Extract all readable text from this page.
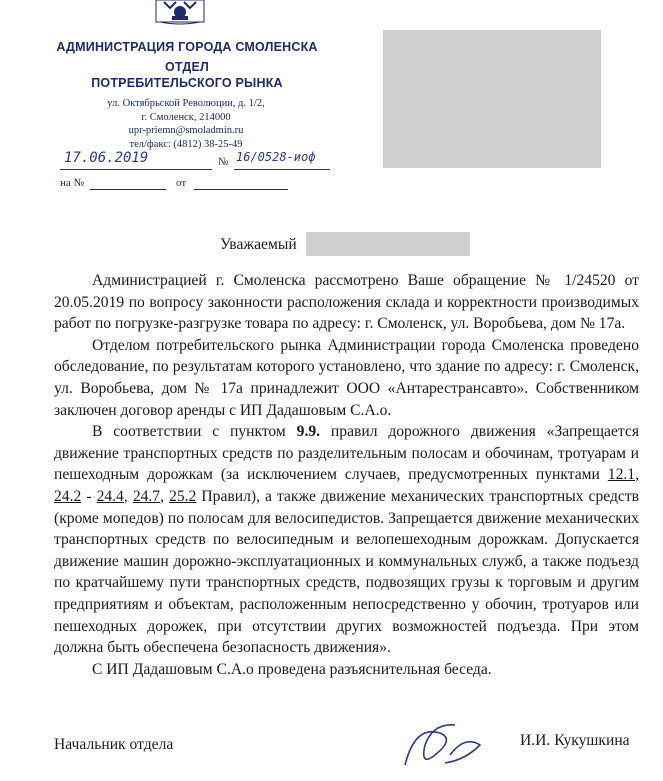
АДМИНИСТРАЦИЯ ГОРОДА СМОЛЕНСКА
ОТДЕЛ
ПОТРЕБИТЕЛЬСКОГО РЫНКА
ул. Октябрьской Революции, д. 1/2,
г. Смоленск, 214000
upr-priemn@smoladmin.ru
тел/факс: (4812) 38-25-49
17.06.2019	№ 16/0528-иоф
на №	от
Уважаемый

Администрацией г. Смоленска рассмотрено Ваше обращение № 1/24520 от 20.05.2019 по вопросу законности расположения склада и корректности производимых работ по погрузке-разгрузке товара по адресу: г. Смоленск, ул. Воробьева, дом № 17а.

Отделом потребительского рынка Администрации города Смоленска проведено обследование, по результатам которого установлено, что здание по адресу: г. Смоленск, ул. Воробьева, дом № 17а принадлежит ООО «Антарестрансавто». Собственником заключен договор аренды с ИП Дадашовым С.А.о.

В соответствии с пунктом 9.9. правил дорожного движения «Запрещается движение транспортных средств по разделительным полосам и обочинам, тротуарам и пешеходным дорожкам (за исключением случаев, предусмотренных пунктами 12.1, 24.2 - 24.4, 24.7, 25.2 Правил), а также движение механических транспортных средств (кроме мопедов) по полосам для велосипедистов. Запрещается движение механических транспортных средств по велосипедным и велопешеходным дорожкам. Допускается движение машин дорожно-эксплуатационных и коммунальных служб, а также подъезд по кратчайшему пути транспортных средств, подвозящих грузы к торговым и другим предприятиям и объектам, расположенным непосредственно у обочин, тротуаров или пешеходных дорожек, при отсутствии других возможностей подъезда. При этом должна быть обеспечена безопасность движения».

С ИП Дадашовым С.А.о проведена разъяснительная беседа.

Начальник отдела	И.И. Кукушкина
